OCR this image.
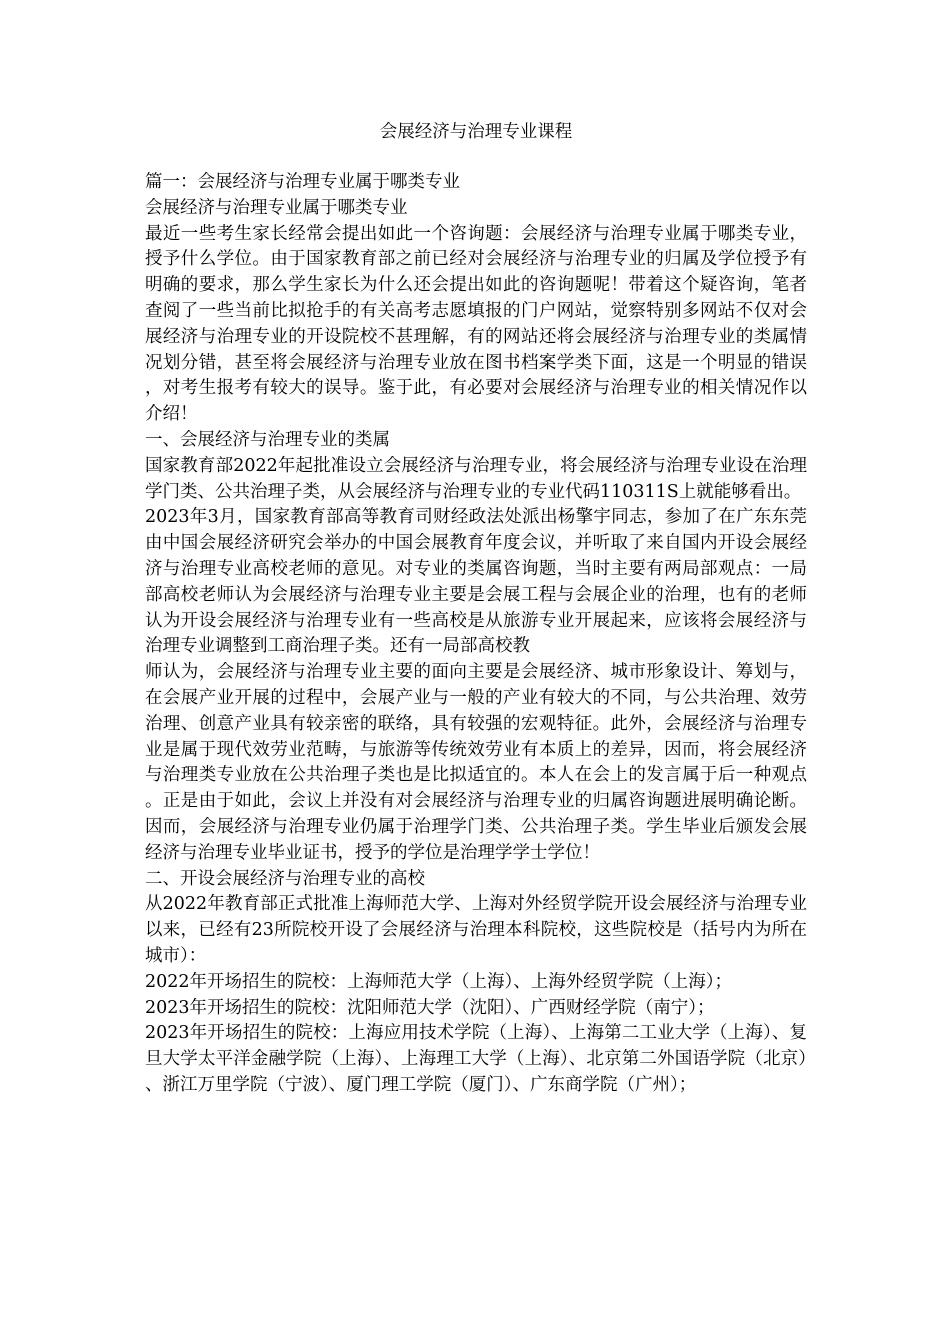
会展经济与治理专业课程

篇一：会展经济与治理专业属于哪类专业

会展经济与治理专业属于哪类专业

最近一些考生家长经常会提出如此一个咨询题：会展经济与治理专业属于哪类专业，授予什么学位。由于国家教育部之前已经对会展经济与治理专业的归属及学位授予有明确的要求，那么学生家长为什么还会提出如此的咨询题呢！带着这个疑咨询，笔者查阅了一些当前比拟抢手的有关高考志愿填报的门户网站，觉察特别多网站不仅对会展经济与治理专业的开设院校不甚理解，有的网站还将会展经济与治理专业的类属情况划分错，甚至将会展经济与治理专业放在图书档案学类下面，这是一个明显的错误，对考生报考有较大的误导。鉴于此，有必要对会展经济与治理专业的相关情况作以介绍！

一、会展经济与治理专业的类属

国家教育部2022年起批准设立会展经济与治理专业，将会展经济与治理专业设在治理学门类、公共治理子类，从会展经济与治理专业的专业代码110311S上就能够看出。

2023年3月，国家教育部高等教育司财经政法处派出杨擎宇同志，参加了在广东东莞由中国会展经济研究会举办的中国会展教育年度会议，并听取了来自国内开设会展经济与治理专业高校老师的意见。对专业的类属咨询题，当时主要有两局部观点：一局部高校老师认为会展经济与治理专业主要是会展工程与会展企业的治理，也有的老师认为开设会展经济与治理专业有一些高校是从旅游专业开展起来，应该将会展经济与治理专业调整到工商治理子类。还有一局部高校教

师认为，会展经济与治理专业主要的面向主要是会展经济、城市形象设计、筹划与，在会展产业开展的过程中，会展产业与一般的产业有较大的不同，与公共治理、效劳治理、创意产业具有较亲密的联络，具有较强的宏观特征。此外，会展经济与治理专业是属于现代效劳业范畴，与旅游等传统效劳业有本质上的差异，因而，将会展经济与治理类专业放在公共治理子类也是比拟适宜的。本人在会上的发言属于后一种观点。正是由于如此，会议上并没有对会展经济与治理专业的归属咨询题进展明确论断。因而，会展经济与治理专业仍属于治理学门类、公共治理子类。学生毕业后颁发会展经济与治理专业毕业证书，授予的学位是治理学学士学位！

二、开设会展经济与治理专业的高校

从2022年教育部正式批准上海师范大学、上海对外经贸学院开设会展经济与治理专业以来，已经有23所院校开设了会展经济与治理本科院校，这些院校是（括号内为所在城市）：

2022年开场招生的院校：上海师范大学（上海）、上海外经贸学院（上海）；

2023年开场招生的院校：沈阳师范大学（沈阳）、广西财经学院（南宁）；

2023年开场招生的院校：上海应用技术学院（上海）、上海第二工业大学（上海）、复旦大学太平洋金融学院（上海）、上海理工大学（上海）、北京第二外国语学院（北京）、浙江万里学院（宁波）、厦门理工学院（厦门）、广东商学院（广州）；
